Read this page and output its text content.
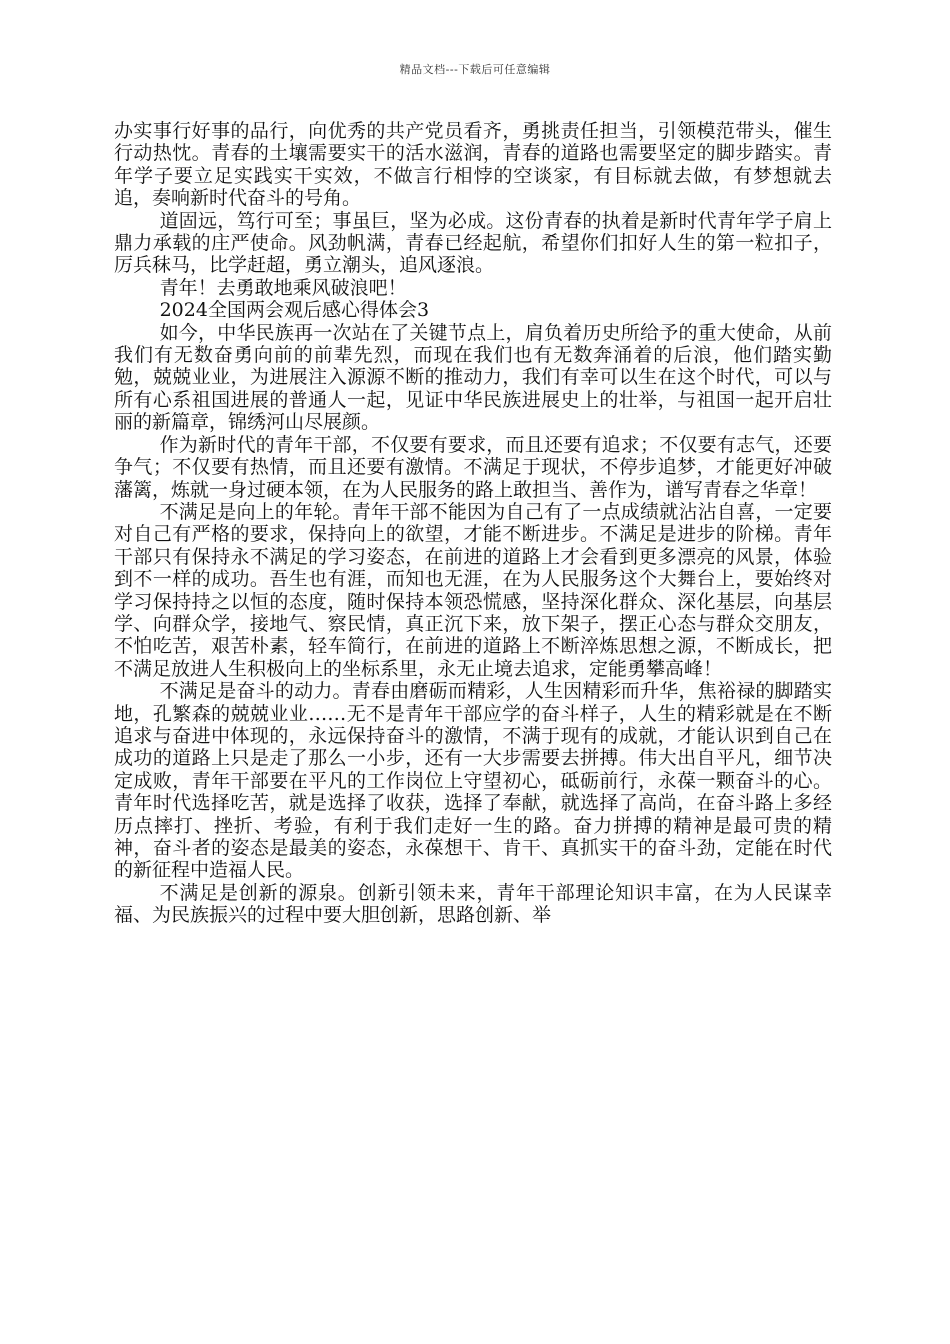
精品文档---下载后可任意编辑

办实事行好事的品行，向优秀的共产党员看齐，勇挑责任担当，引领模范带头，催生行动热忱。青春的土壤需要实干的活水滋润，青春的道路也需要坚定的脚步踏实。青年学子要立足实践实干实效，不做言行相悖的空谈家，有目标就去做，有梦想就去追，奏响新时代奋斗的号角。

道固远，笃行可至；事虽巨，坚为必成。这份青春的执着是新时代青年学子肩上鼎力承载的庄严使命。风劲帆满，青春已经起航，希望你们扣好人生的第一粒扣子，厉兵秣马，比学赶超，勇立潮头，追风逐浪。

青年！去勇敢地乘风破浪吧！

2024全国两会观后感心得体会3

如今，中华民族再一次站在了关键节点上，肩负着历史所给予的重大使命，从前我们有无数奋勇向前的前辈先烈，而现在我们也有无数奔涌着的后浪，他们踏实勤勉，兢兢业业，为进展注入源源不断的推动力，我们有幸可以生在这个时代，可以与所有心系祖国进展的普通人一起，见证中华民族进展史上的壮举，与祖国一起开启壮丽的新篇章，锦绣河山尽展颜。

作为新时代的青年干部，不仅要有要求，而且还要有追求；不仅要有志气，还要争气；不仅要有热情，而且还要有激情。不满足于现状，不停步追梦，才能更好冲破藩篱，炼就一身过硬本领，在为人民服务的路上敢担当、善作为，谱写青春之华章！

不满足是向上的年轮。青年干部不能因为自己有了一点成绩就沾沾自喜，一定要对自己有严格的要求，保持向上的欲望，才能不断进步。不满足是进步的阶梯。青年干部只有保持永不满足的学习姿态，在前进的道路上才会看到更多漂亮的风景，体验到不一样的成功。吾生也有涯，而知也无涯，在为人民服务这个大舞台上，要始终对学习保持持之以恒的态度，随时保持本领恐慌感，坚持深化群众、深化基层，向基层学、向群众学，接地气、察民情，真正沉下来，放下架子，摆正心态与群众交朋友，不怕吃苦，艰苦朴素，轻车简行，在前进的道路上不断淬炼思想之源，不断成长，把不满足放进人生积极向上的坐标系里，永无止境去追求，定能勇攀高峰！

不满足是奋斗的动力。青春由磨砺而精彩，人生因精彩而升华，焦裕禄的脚踏实地，孔繁森的兢兢业业……无不是青年干部应学的奋斗样子，人生的精彩就是在不断追求与奋进中体现的，永远保持奋斗的激情，不满于现有的成就，才能认识到自己在成功的道路上只是走了那么一小步，还有一大步需要去拼搏。伟大出自平凡，细节决定成败，青年干部要在平凡的工作岗位上守望初心，砥砺前行，永葆一颗奋斗的心。青年时代选择吃苦，就是选择了收获，选择了奉献，就选择了高尚，在奋斗路上多经历点摔打、挫折、考验，有利于我们走好一生的路。奋力拼搏的精神是最可贵的精神，奋斗者的姿态是最美的姿态，永葆想干、肯干、真抓实干的奋斗劲，定能在时代的新征程中造福人民。

不满足是创新的源泉。创新引领未来，青年干部理论知识丰富，在为人民谋幸福、为民族振兴的过程中要大胆创新，思路创新、举
